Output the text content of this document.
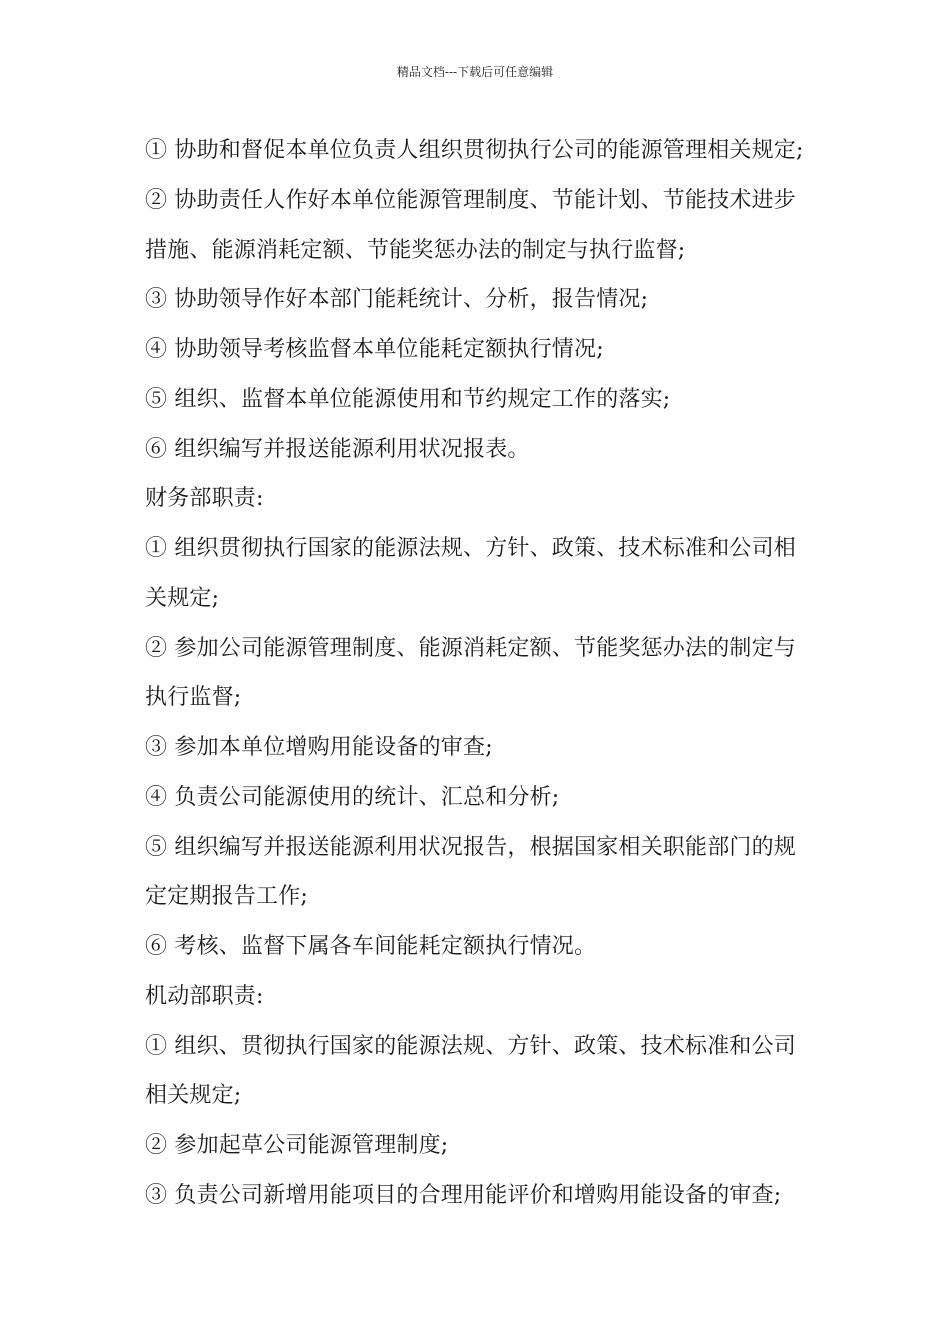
精品文档---下载后可任意编辑
① 协助和督促本单位负责人组织贯彻执行公司的能源管理相关规定;
② 协助责任人作好本单位能源管理制度、节能计划、节能技术进步
措施、能源消耗定额、节能奖惩办法的制定与执行监督;
③ 协助领导作好本部门能耗统计、分析，报告情况;
④ 协助领导考核监督本单位能耗定额执行情况;
⑤ 组织、监督本单位能源使用和节约规定工作的落实;
⑥ 组织编写并报送能源利用状况报表。
财务部职责:
① 组织贯彻执行国家的能源法规、方针、政策、技术标准和公司相
关规定;
② 参加公司能源管理制度、能源消耗定额、节能奖惩办法的制定与
执行监督;
③ 参加本单位增购用能设备的审查;
④ 负责公司能源使用的统计、汇总和分析;
⑤ 组织编写并报送能源利用状况报告，根据国家相关职能部门的规
定定期报告工作;
⑥ 考核、监督下属各车间能耗定额执行情况。
机动部职责:
① 组织、贯彻执行国家的能源法规、方针、政策、技术标准和公司
相关规定;
② 参加起草公司能源管理制度;
③ 负责公司新增用能项目的合理用能评价和增购用能设备的审查;
